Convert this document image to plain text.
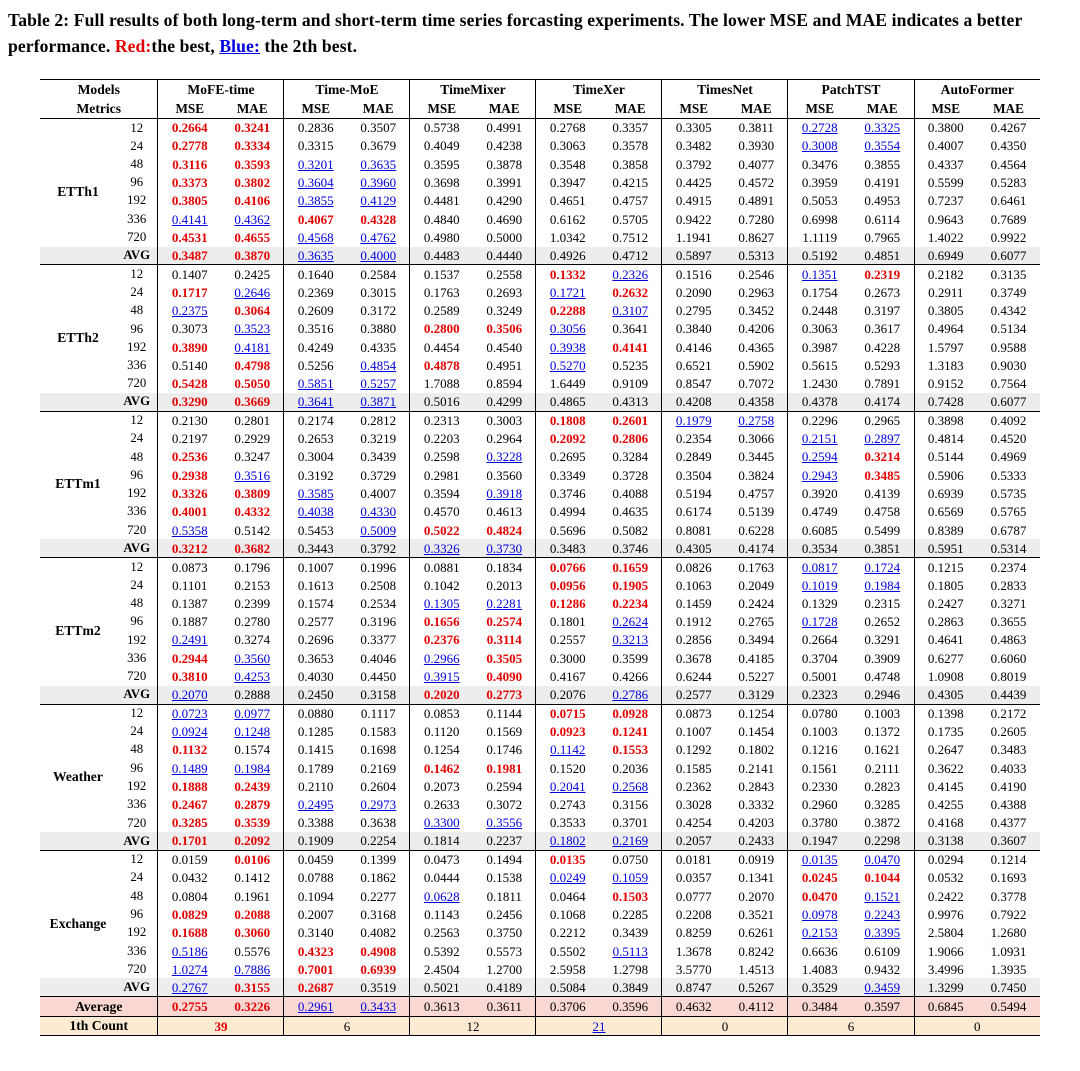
Table 2: Full results of both long-term and short-term time series forcasting experiments. The lower MSE and MAE indicates a better performance. Red:the best, Blue: the 2th best.
Models		MoFE-time		Time-MoE		TimeMixer		TimeXer		TimesNet		PatchTST		AutoFormer	
Metrics		MSE	MAE	MSE	MAE	MSE	MAE	MSE	MAE	MSE	MAE	MSE	MAE	MSE	MAE
	12	0.2664	0.3241	0.2836	0.3507	0.5738	0.4991	0.2768	0.3357	0.3305	0.3811	0.2728	0.3325	0.3800	0.4267
	24	0.2778	0.3334	0.3315	0.3679	0.4049	0.4238	0.3063	0.3578	0.3482	0.3930	0.3008	0.3554	0.4007	0.4350
	48	0.3116	0.3593	0.3201	0.3635	0.3595	0.3878	0.3548	0.3858	0.3792	0.4077	0.3476	0.3855	0.4337	0.4564
ETTh1	96	0.3373	0.3802	0.3604	0.3960	0.3698	0.3991	0.3947	0.4215	0.4425	0.4572	0.3959	0.4191	0.5599	0.5283
	192	0.3805	0.4106	0.3855	0.4129	0.4481	0.4290	0.4651	0.4757	0.4915	0.4891	0.5053	0.4953	0.7237	0.6461
	336	0.4141	0.4362	0.4067	0.4328	0.4840	0.4690	0.6162	0.5705	0.9422	0.7280	0.6998	0.6114	0.9643	0.7689
	720	0.4531	0.4655	0.4568	0.4762	0.4980	0.5000	1.0342	0.7512	1.1941	0.8627	1.1119	0.7965	1.4022	0.9922
	AVG	0.3487	0.3870	0.3635	0.4000	0.4483	0.4440	0.4926	0.4712	0.5897	0.5313	0.5192	0.4851	0.6949	0.6077
	12	0.1407	0.2425	0.1640	0.2584	0.1537	0.2558	0.1332	0.2326	0.1516	0.2546	0.1351	0.2319	0.2182	0.3135
	24	0.1717	0.2646	0.2369	0.3015	0.1763	0.2693	0.1721	0.2632	0.2090	0.2963	0.1754	0.2673	0.2911	0.3749
	48	0.2375	0.3064	0.2609	0.3172	0.2589	0.3249	0.2288	0.3107	0.2795	0.3452	0.2448	0.3197	0.3805	0.4342
ETTh2	96	0.3073	0.3523	0.3516	0.3880	0.2800	0.3506	0.3056	0.3641	0.3840	0.4206	0.3063	0.3617	0.4964	0.5134
	192	0.3890	0.4181	0.4249	0.4335	0.4454	0.4540	0.3938	0.4141	0.4146	0.4365	0.3987	0.4228	1.5797	0.9588
	336	0.5140	0.4798	0.5256	0.4854	0.4878	0.4951	0.5270	0.5235	0.6521	0.5902	0.5615	0.5293	1.3183	0.9030
	720	0.5428	0.5050	0.5851	0.5257	1.7088	0.8594	1.6449	0.9109	0.8547	0.7072	1.2430	0.7891	0.9152	0.7564
	AVG	0.3290	0.3669	0.3641	0.3871	0.5016	0.4299	0.4865	0.4313	0.4208	0.4358	0.4378	0.4174	0.7428	0.6077
	12	0.2130	0.2801	0.2174	0.2812	0.2313	0.3003	0.1808	0.2601	0.1979	0.2758	0.2296	0.2965	0.3898	0.4092
	24	0.2197	0.2929	0.2653	0.3219	0.2203	0.2964	0.2092	0.2806	0.2354	0.3066	0.2151	0.2897	0.4814	0.4520
	48	0.2536	0.3247	0.3004	0.3439	0.2598	0.3228	0.2695	0.3284	0.2849	0.3445	0.2594	0.3214	0.5144	0.4969
ETTm1	96	0.2938	0.3516	0.3192	0.3729	0.2981	0.3560	0.3349	0.3728	0.3504	0.3824	0.2943	0.3485	0.5906	0.5333
	192	0.3326	0.3809	0.3585	0.4007	0.3594	0.3918	0.3746	0.4088	0.5194	0.4757	0.3920	0.4139	0.6939	0.5735
	336	0.4001	0.4332	0.4038	0.4330	0.4570	0.4613	0.4994	0.4635	0.6174	0.5139	0.4749	0.4758	0.6569	0.5765
	720	0.5358	0.5142	0.5453	0.5009	0.5022	0.4824	0.5696	0.5082	0.8081	0.6228	0.6085	0.5499	0.8389	0.6787
	AVG	0.3212	0.3682	0.3443	0.3792	0.3326	0.3730	0.3483	0.3746	0.4305	0.4174	0.3534	0.3851	0.5951	0.5314
	12	0.0873	0.1796	0.1007	0.1996	0.0881	0.1834	0.0766	0.1659	0.0826	0.1763	0.0817	0.1724	0.1215	0.2374
	24	0.1101	0.2153	0.1613	0.2508	0.1042	0.2013	0.0956	0.1905	0.1063	0.2049	0.1019	0.1984	0.1805	0.2833
	48	0.1387	0.2399	0.1574	0.2534	0.1305	0.2281	0.1286	0.2234	0.1459	0.2424	0.1329	0.2315	0.2427	0.3271
ETTm2	96	0.1887	0.2780	0.2577	0.3196	0.1656	0.2574	0.1801	0.2624	0.1912	0.2765	0.1728	0.2652	0.2863	0.3655
	192	0.2491	0.3274	0.2696	0.3377	0.2376	0.3114	0.2557	0.3213	0.2856	0.3494	0.2664	0.3291	0.4641	0.4863
	336	0.2944	0.3560	0.3653	0.4046	0.2966	0.3505	0.3000	0.3599	0.3678	0.4185	0.3704	0.3909	0.6277	0.6060
	720	0.3810	0.4253	0.4030	0.4450	0.3915	0.4090	0.4167	0.4266	0.6244	0.5227	0.5001	0.4748	1.0908	0.8019
	AVG	0.2070	0.2888	0.2450	0.3158	0.2020	0.2773	0.2076	0.2786	0.2577	0.3129	0.2323	0.2946	0.4305	0.4439
	12	0.0723	0.0977	0.0880	0.1117	0.0853	0.1144	0.0715	0.0928	0.0873	0.1254	0.0780	0.1003	0.1398	0.2172
	24	0.0924	0.1248	0.1285	0.1583	0.1120	0.1569	0.0923	0.1241	0.1007	0.1454	0.1003	0.1372	0.1735	0.2605
	48	0.1132	0.1574	0.1415	0.1698	0.1254	0.1746	0.1142	0.1553	0.1292	0.1802	0.1216	0.1621	0.2647	0.3483
Weather	96	0.1489	0.1984	0.1789	0.2169	0.1462	0.1981	0.1520	0.2036	0.1585	0.2141	0.1561	0.2111	0.3622	0.4033
	192	0.1888	0.2439	0.2110	0.2604	0.2073	0.2594	0.2041	0.2568	0.2362	0.2843	0.2330	0.2823	0.4145	0.4190
	336	0.2467	0.2879	0.2495	0.2973	0.2633	0.3072	0.2743	0.3156	0.3028	0.3332	0.2960	0.3285	0.4255	0.4388
	720	0.3285	0.3539	0.3388	0.3638	0.3300	0.3556	0.3533	0.3701	0.4254	0.4203	0.3780	0.3872	0.4168	0.4377
	AVG	0.1701	0.2092	0.1909	0.2254	0.1814	0.2237	0.1802	0.2169	0.2057	0.2433	0.1947	0.2298	0.3138	0.3607
	12	0.0159	0.0106	0.0459	0.1399	0.0473	0.1494	0.0135	0.0750	0.0181	0.0919	0.0135	0.0470	0.0294	0.1214
	24	0.0432	0.1412	0.0788	0.1862	0.0444	0.1538	0.0249	0.1059	0.0357	0.1341	0.0245	0.1044	0.0532	0.1693
	48	0.0804	0.1961	0.1094	0.2277	0.0628	0.1811	0.0464	0.1503	0.0777	0.2070	0.0470	0.1521	0.2422	0.3778
Exchange	96	0.0829	0.2088	0.2007	0.3168	0.1143	0.2456	0.1068	0.2285	0.2208	0.3521	0.0978	0.2243	0.9976	0.7922
	192	0.1688	0.3060	0.3140	0.4082	0.2563	0.3750	0.2212	0.3439	0.8259	0.6261	0.2153	0.3395	2.5804	1.2680
	336	0.5186	0.5576	0.4323	0.4908	0.5392	0.5573	0.5502	0.5113	1.3678	0.8242	0.6636	0.6109	1.9066	1.0931
	720	1.0274	0.7886	0.7001	0.6939	2.4504	1.2700	2.5958	1.2798	3.5770	1.4513	1.4083	0.9432	3.4996	1.3935
	AVG	0.2767	0.3155	0.2687	0.3519	0.5021	0.4189	0.5084	0.3849	0.8747	0.5267	0.3529	0.3459	1.3299	0.7450
Average		0.2755	0.3226	0.2961	0.3433	0.3613	0.3611	0.3706	0.3596	0.4632	0.4112	0.3484	0.3597	0.6845	0.5494
1th Count		39		6		12		21		0		6		0	
